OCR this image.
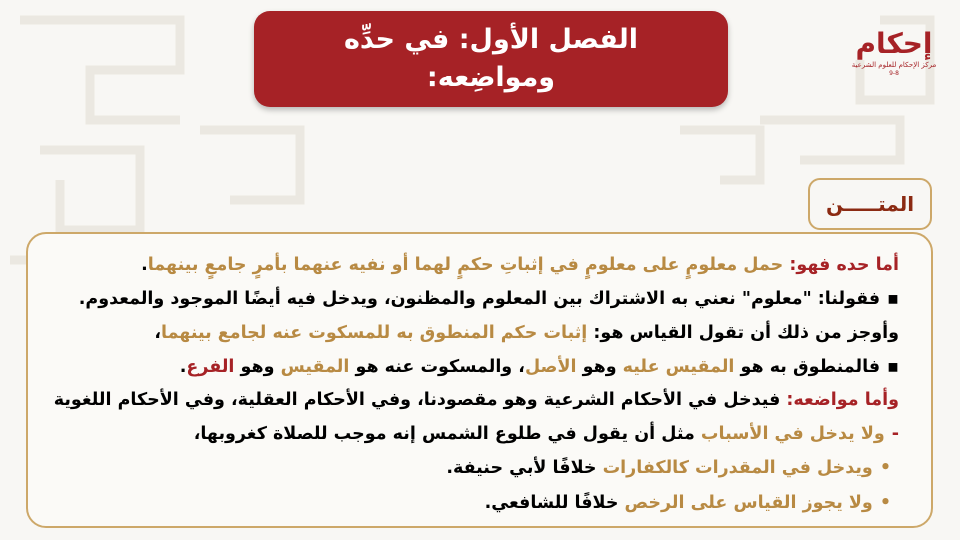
الفصل الأول: في حدِّه
ومواضِعه:
إحكام
مركز الإحكام للعلوم الشرعية
‪9-8‬
المتـــــن
أما حده فهو: حمل معلومٍ على معلومٍ في إثباتِ حكمٍ لهما أو نفيه عنهما بأمرٍ جامعٍ بينهما.
▪فقولنا: "معلوم" نعني به الاشتراك بين المعلوم والمظنون، ويدخل فيه أيضًا الموجود والمعدوم.
وأوجز من ذلك أن تقول القياس هو: إثبات حكم المنطوق به للمسكوت عنه لجامع بينهما،
▪فالمنطوق به هو المقيس عليه وهو الأصل، والمسكوت عنه هو المقيس وهو الفرع.
وأما مواضعه: فيدخل في الأحكام الشرعية وهو مقصودنا، وفي الأحكام العقلية، وفي الأحكام اللغوية
-ولا يدخل في الأسباب مثل أن يقول في طلوع الشمس إنه موجب للصلاة كغروبها،
•ويدخل في المقدرات كالكفارات خلافًا لأبي حنيفة.
•ولا يجوز القياس على الرخص خلافًا للشافعي.
